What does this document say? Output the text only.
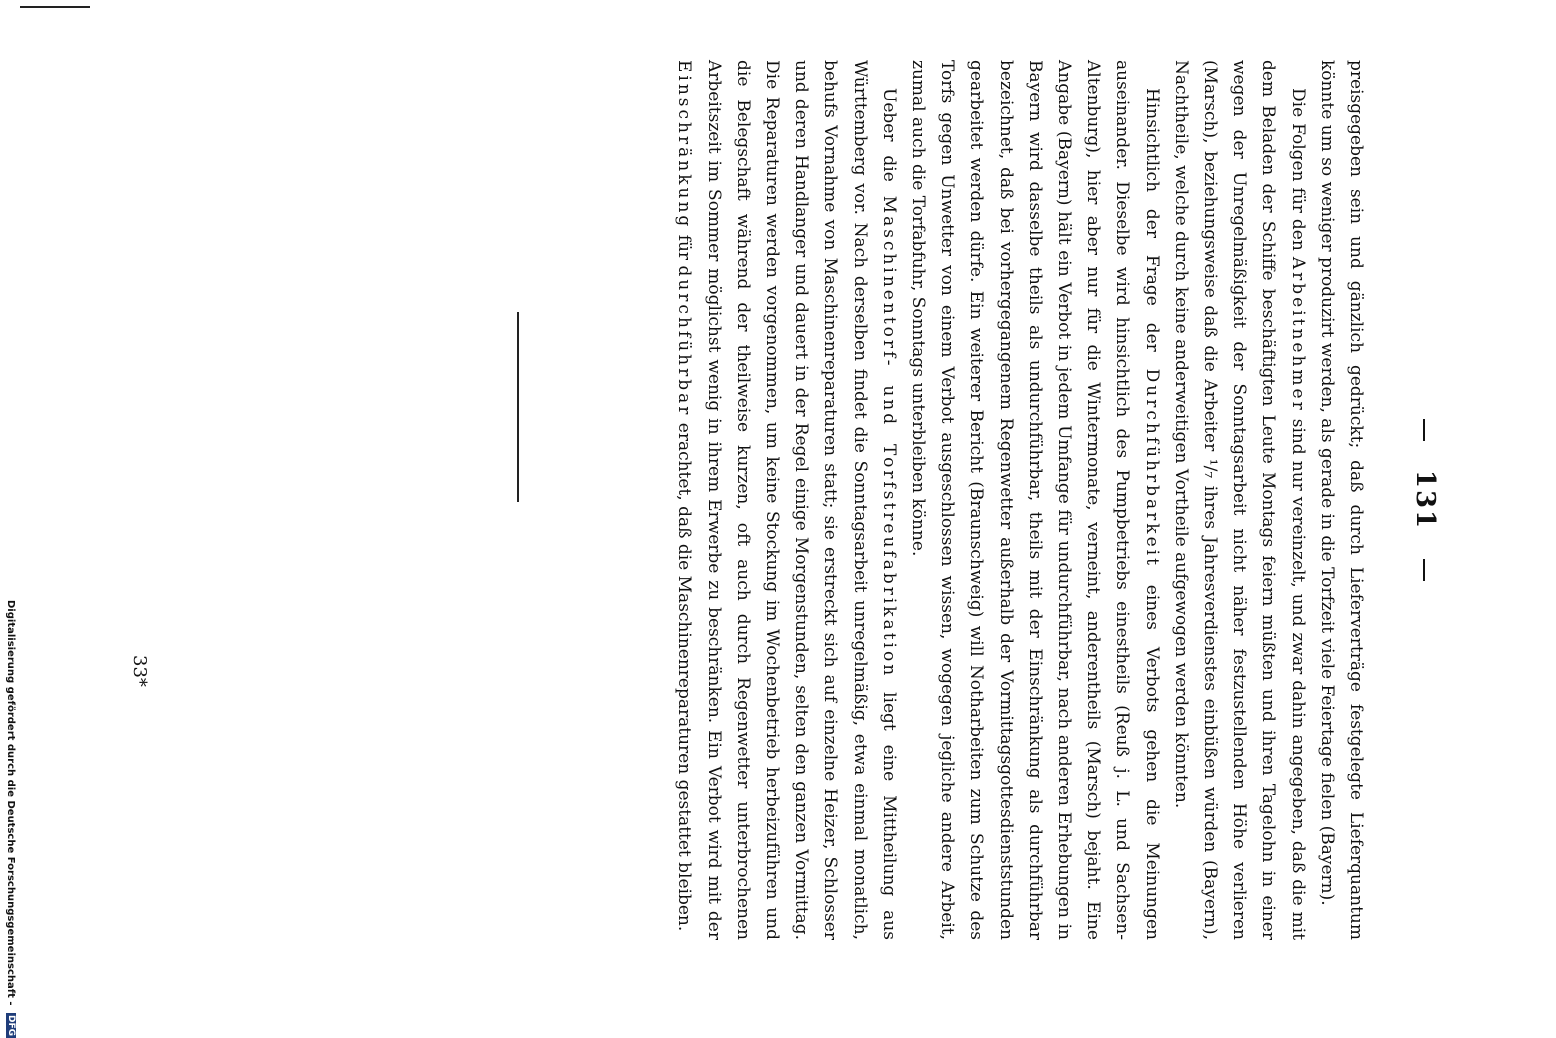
Digitalisierung gefördert durch die Deutsche Forschungsgemeinschaft - DFG
33*
131

preisgegeben sein und gänzlich gedrückt; daß durch Lieferverträge festgelegte Lieferquantum könnte um so weniger produzirt werden, als gerade in die Torfzeit viele Feiertage fielen (Bayern).

Die Folgen für den Arbeitnehmer sind nur vereinzelt, und zwar dahin angegeben, daß die mit dem Beladen der Schiffe beschäftigten Leute Montags feiern müßten und ihren Tagelohn in einer wegen der Unregelmäßigkeit der Sonntagsarbeit nicht näher festzustellenden Höhe verlieren (Marsch), beziehungsweise daß die Arbeiter ¹/₇ ihres Jahresverdienstes einbüßen würden (Bayern), Nachtheile, welche durch keine anderweitigen Vortheile aufgewogen werden könnten.

Hinsichtlich der Frage der Durchführbarkeit eines Verbots gehen die Meinungen auseinander. Dieselbe wird hinsichtlich des Pumpbetriebs einestheils (Reuß j. L. und Sachsen-Altenburg), hier aber nur für die Wintermonate, verneint, anderentheils (Marsch) bejaht. Eine Angabe (Bayern) hält ein Verbot in jedem Umfange für undurchführbar, nach anderen Erhebungen in Bayern wird dasselbe theils als undurchführbar, theils mit der Einschränkung als durchführbar bezeichnet, daß bei vorhergegangenem Regenwetter außerhalb der Vormittagsgottesdienststunden gearbeitet werden dürfe. Ein weiterer Bericht (Braunschweig) will Notharbeiten zum Schutze des Torfs gegen Unwetter von einem Verbot ausgeschlossen wissen, wogegen jegliche andere Arbeit, zumal auch die Torfabfuhr, Sonntags unterbleiben könne.

Ueber die Maschinentorf- und Torfstreufabrikation liegt eine Mittheilung aus Württemberg vor. Nach derselben findet die Sonntagsarbeit unregelmäßig, etwa einmal monatlich, behufs Vornahme von Maschinenreparaturen statt; sie erstreckt sich auf einzelne Heizer, Schlosser und deren Handlanger und dauert in der Regel einige Morgenstunden, selten den ganzen Vormittag. Die Reparaturen werden vorgenommen, um keine Stockung im Wochenbetrieb herbeizuführen und die Belegschaft während der theilweise kurzen, oft auch durch Regenwetter unterbrochenen Arbeitszeit im Sommer möglichst wenig in ihrem Erwerbe zu beschränken. Ein Verbot wird mit der Einschränkung für durchführbar erachtet, daß die Maschinenreparaturen gestattet bleiben.
